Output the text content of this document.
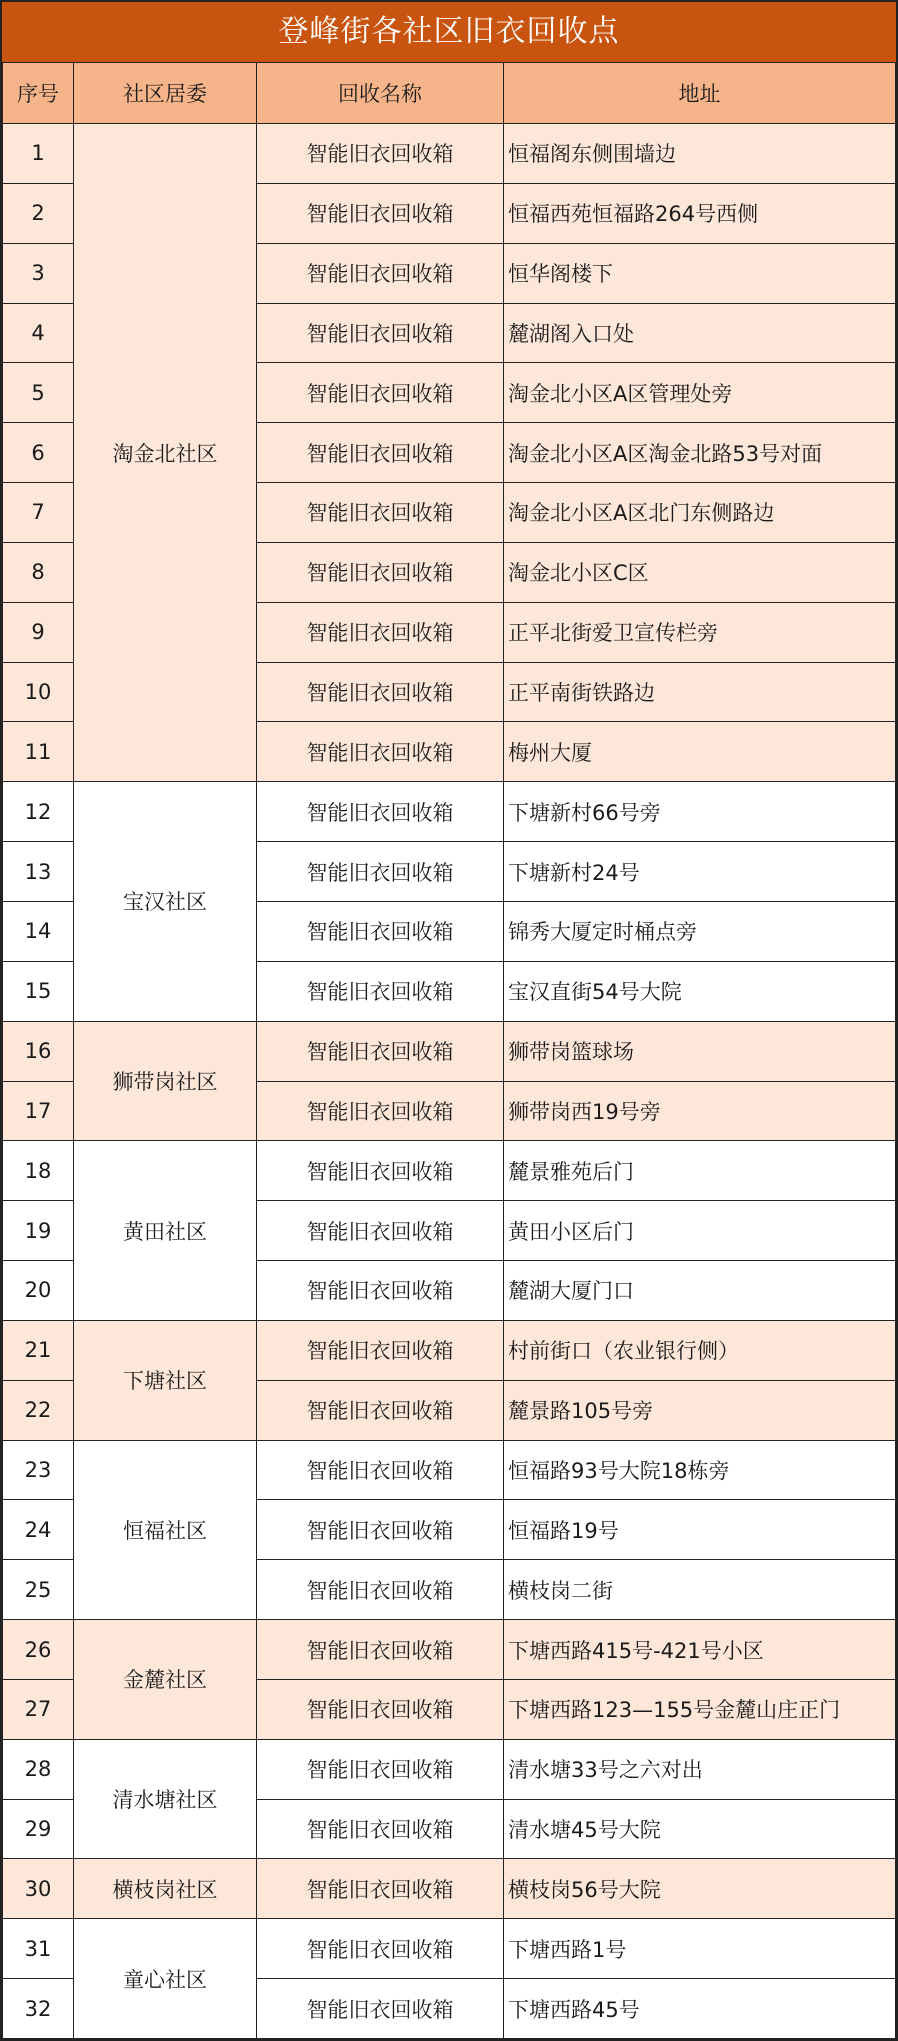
登峰街各社区旧衣回收点
序号	社区居委	回收名称	地址
1	淘金北社区	智能旧衣回收箱	恒福阁东侧围墙边
2		智能旧衣回收箱	恒福西苑恒福路264号西侧
3		智能旧衣回收箱	恒华阁楼下
4		智能旧衣回收箱	麓湖阁入口处
5		智能旧衣回收箱	淘金北小区A区管理处旁
6		智能旧衣回收箱	淘金北小区A区淘金北路53号对面
7		智能旧衣回收箱	淘金北小区A区北门东侧路边
8		智能旧衣回收箱	淘金北小区C区
9		智能旧衣回收箱	正平北街爱卫宣传栏旁
10		智能旧衣回收箱	正平南街铁路边
11		智能旧衣回收箱	梅州大厦
12	宝汉社区	智能旧衣回收箱	下塘新村66号旁
13		智能旧衣回收箱	下塘新村24号
14		智能旧衣回收箱	锦秀大厦定时桶点旁
15		智能旧衣回收箱	宝汉直街54号大院
16	狮带岗社区	智能旧衣回收箱	狮带岗篮球场
17		智能旧衣回收箱	狮带岗西19号旁
18	黄田社区	智能旧衣回收箱	麓景雅苑后门
19		智能旧衣回收箱	黄田小区后门
20		智能旧衣回收箱	麓湖大厦门口
21	下塘社区	智能旧衣回收箱	村前街口（农业银行侧）
22		智能旧衣回收箱	麓景路105号旁
23	恒福社区	智能旧衣回收箱	恒福路93号大院18栋旁
24		智能旧衣回收箱	恒福路19号
25		智能旧衣回收箱	横枝岗二街
26	金麓社区	智能旧衣回收箱	下塘西路415号-421号小区
27		智能旧衣回收箱	下塘西路123—155号金麓山庄正门
28	清水塘社区	智能旧衣回收箱	清水塘33号之六对出
29		智能旧衣回收箱	清水塘45号大院
30	横枝岗社区	智能旧衣回收箱	横枝岗56号大院
31	童心社区	智能旧衣回收箱	下塘西路1号
32		智能旧衣回收箱	下塘西路45号
